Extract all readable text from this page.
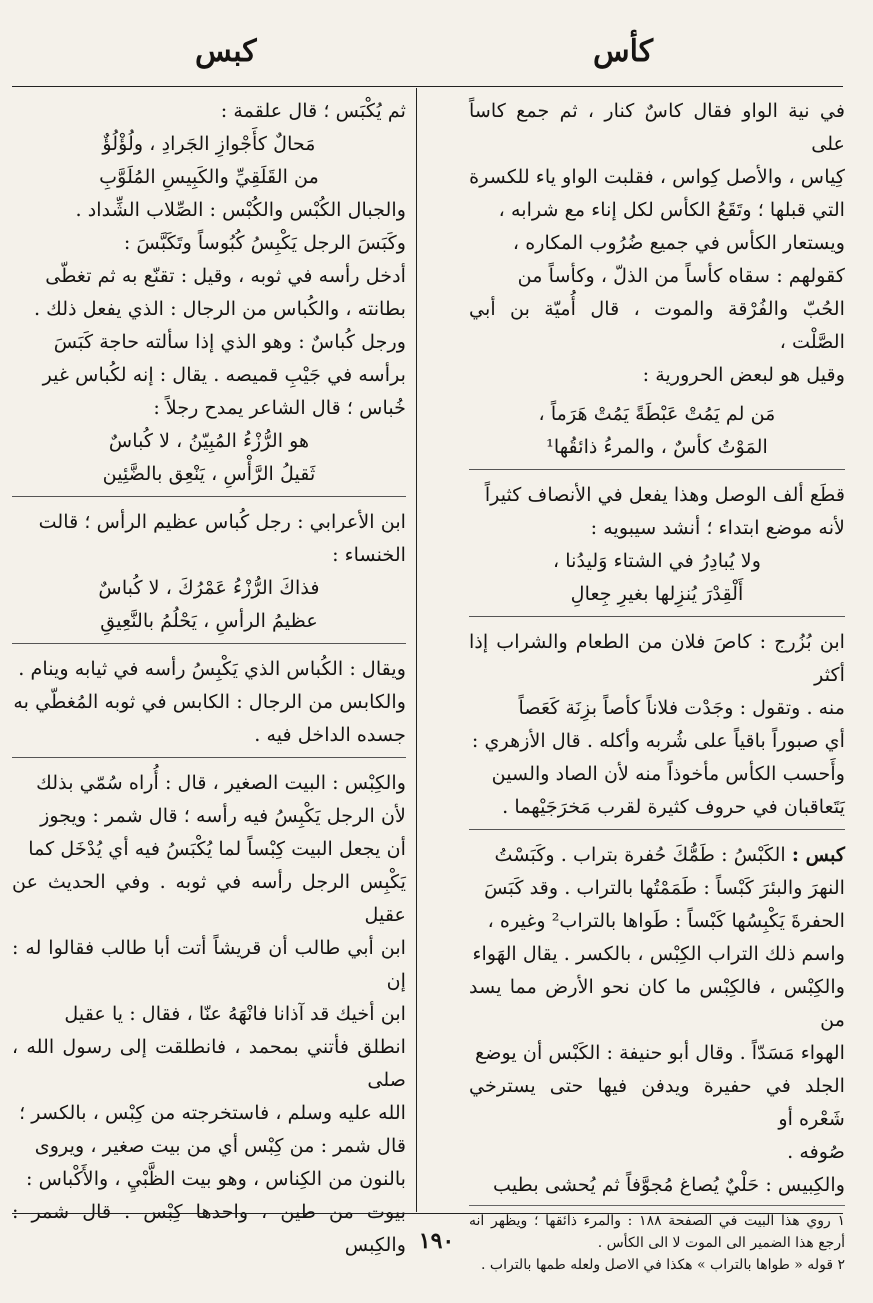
كأس
كبس

في نية الواو فقال كاسٌ كنار ، ثم جمع كاساً على

كِياس ، والأصل كِواس ، فقلبت الواو ياء للكسرة

التي قبلها ؛ وتَقَعُ الكأس لكل إناء مع شرابه ،

ويستعار الكأس في جميع ضُرُوب المكاره ،

كقولهم : سقاه كأساً من الذلّ ، وكأساً من

الحُبّ والفُرْقة والموت ، قال أُميّة بن أبي الصَّلْت ،

وقيل هو لبعض الحرورية :

مَن لم يَمُتْ عَبْطَةً يَمُتْ هَرَماً ،

المَوْتُ كأسٌ ، والمرءُ ذائقُها¹

قطَع ألف الوصل وهذا يفعل في الأنصاف كثيراً

لأنه موضع ابتداء ؛ أنشد سيبويه :

ولا يُبادِرُ في الشتاء وَليدُنا ،

أَلْقِدْرَ يُنزِلها بغيرِ جِعالِ

ابن بُزُرج : كاصَ فلان من الطعام والشراب إذا أكثر

منه . وتقول : وجَدْت فلاناً كأصاً بزِنَة كَعَصاً

أي صبوراً باقياً على شُربه وأكله . قال الأزهري :

وأَحسب الكأس مأخوذاً منه لأن الصاد والسين

يَتَعاقبان في حروف كثيرة لقرب مَخرَجَيْهما .

كبس : الكَبْسُ : طَمُّكَ حُفرة بتراب . وكَبَسْتُ

النهرَ والبئرَ كَبْساً : طَمَمْتُها بالتراب . وقد كَبَسَ

الحفرةَ يَكْبِسُها كَبْساً : طَواها بالتراب² وغيره ،

واسم ذلك التراب الكِبْس ، بالكسر . يقال الهَواء

والكِبْس ، فالكِبْس ما كان نحو الأرض مما يسد من

الهواء مَسَدّاً . وقال أبو حنيفة : الكَبْس أن يوضع

الجلد في حفيرة ويدفن فيها حتى يسترخي شَعْره أو

صُوفه .

والكِبيس : حَلْيٌ يُصاغ مُجوَّفاً ثم يُحشى بطيب

١ روي هذا البيت في الصفحة ١٨٨ : والمرء ذائقها ؛ ويظهر انه أرجع هذا الضمير الى الموت لا الى الكأس .

٢ قوله « طواها بالتراب » هكذا في الاصل ولعله طمها بالتراب .

ثم يُكْبَس ؛ قال علقمة :

مَحالٌ كأَجْوازِ الجَرادِ ، ولُؤْلُؤٌ

من القَلَقِيِّ والكَبِيسِ المُلَوَّبِ

والجبال الكُبْس والكُبْس : الصِّلاب الشِّداد .

وكَبَسَ الرجل يَكْبِسُ كُبُوساً وتَكَبَّسَ :

أدخل رأسه في ثوبه ، وقيل : تقنّع به ثم تغطّى

بطانته ، والكُباس من الرجال : الذي يفعل ذلك .

ورجل كُباسٌ : وهو الذي إذا سألته حاجة كَبَسَ

برأسه في جَيْبِ قميصه . يقال : إنه لكُباس غير

خُباس ؛ قال الشاعر يمدح رجلاً :

هو الرُّزْءُ المُبِيّنُ ، لا كُباسٌ

ثَقيلُ الرَّأْسِ ، يَنْعِق بالضَّئِين

ابن الأعرابي : رجل كُباس عظيم الرأس ؛ قالت

الخنساء :

فذاكَ الرُّزْءُ عَمْرُكَ ، لا كُباسٌ

عظيمُ الرأسِ ، يَحْلُمُ بالنَّعِيقِ

ويقال : الكُباس الذي يَكْبِسُ رأسه في ثيابه وينام .

والكابس من الرجال : الكابس في ثوبه المُغطّي به

جسده الداخل فيه .

والكِبْس : البيت الصغير ، قال : أُراه سُمّي بذلك

لأن الرجل يَكْبِسُ فيه رأسه ؛ قال شمر : ويجوز

أن يجعل البيت كِبْساً لما يُكْبَسُ فيه أي يُدْخَل كما

يَكْبِس الرجل رأسه في ثوبه . وفي الحديث عن عقيل

ابن أبي طالب أن قريشاً أتت أبا طالب فقالوا له : إن

ابن أخيك قد آذانا فانْهَهُ عنّا ، فقال : يا عقيل

انطلق فأتني بمحمد ، فانطلقت إلى رسول الله ، صلى

الله عليه وسلم ، فاستخرجته من كِبْس ، بالكسر ؛

قال شمر : من كِبْس أي من بيت صغير ، ويروى

بالنون من الكِناس ، وهو بيت الظَّبْيِ ، والأَكْباس :

بيوت من طين ، واحدها كِبْس . قال شمر : والكِبس ١٩٠
